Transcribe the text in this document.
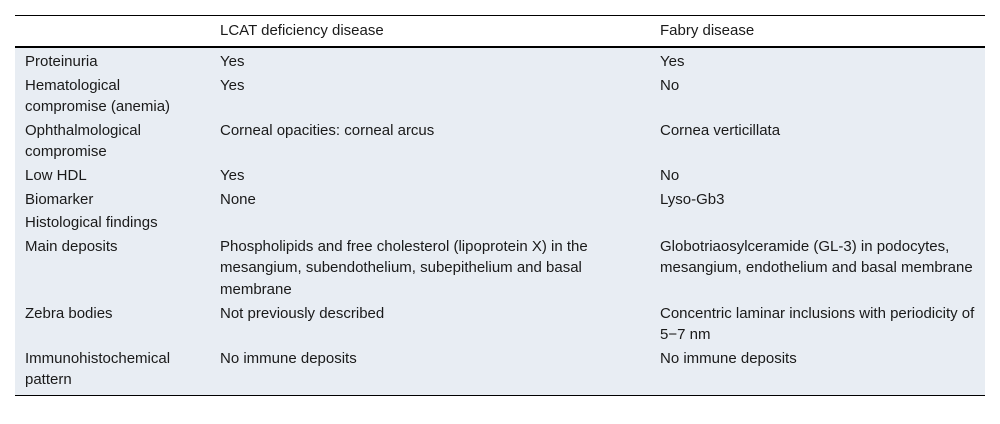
	LCAT deficiency disease	Fabry disease
Proteinuria	Yes	Yes
Hematological compromise (anemia)	Yes	No
Ophthalmological compromise	Corneal opacities: corneal arcus	Cornea verticillata
Low HDL	Yes	No
Biomarker	None	Lyso-Gb3
Histological findings		
Main deposits	Phospholipids and free cholesterol (lipoprotein X) in the mesangium, subendothelium, subepithelium and basal membrane	Globotriaosylceramide (GL-3) in podocytes, mesangium, endothelium and basal membrane
Zebra bodies	Not previously described	Concentric laminar inclusions with periodicity of 5−7 nm
Immunohistochemical pattern	No immune deposits	No immune deposits
